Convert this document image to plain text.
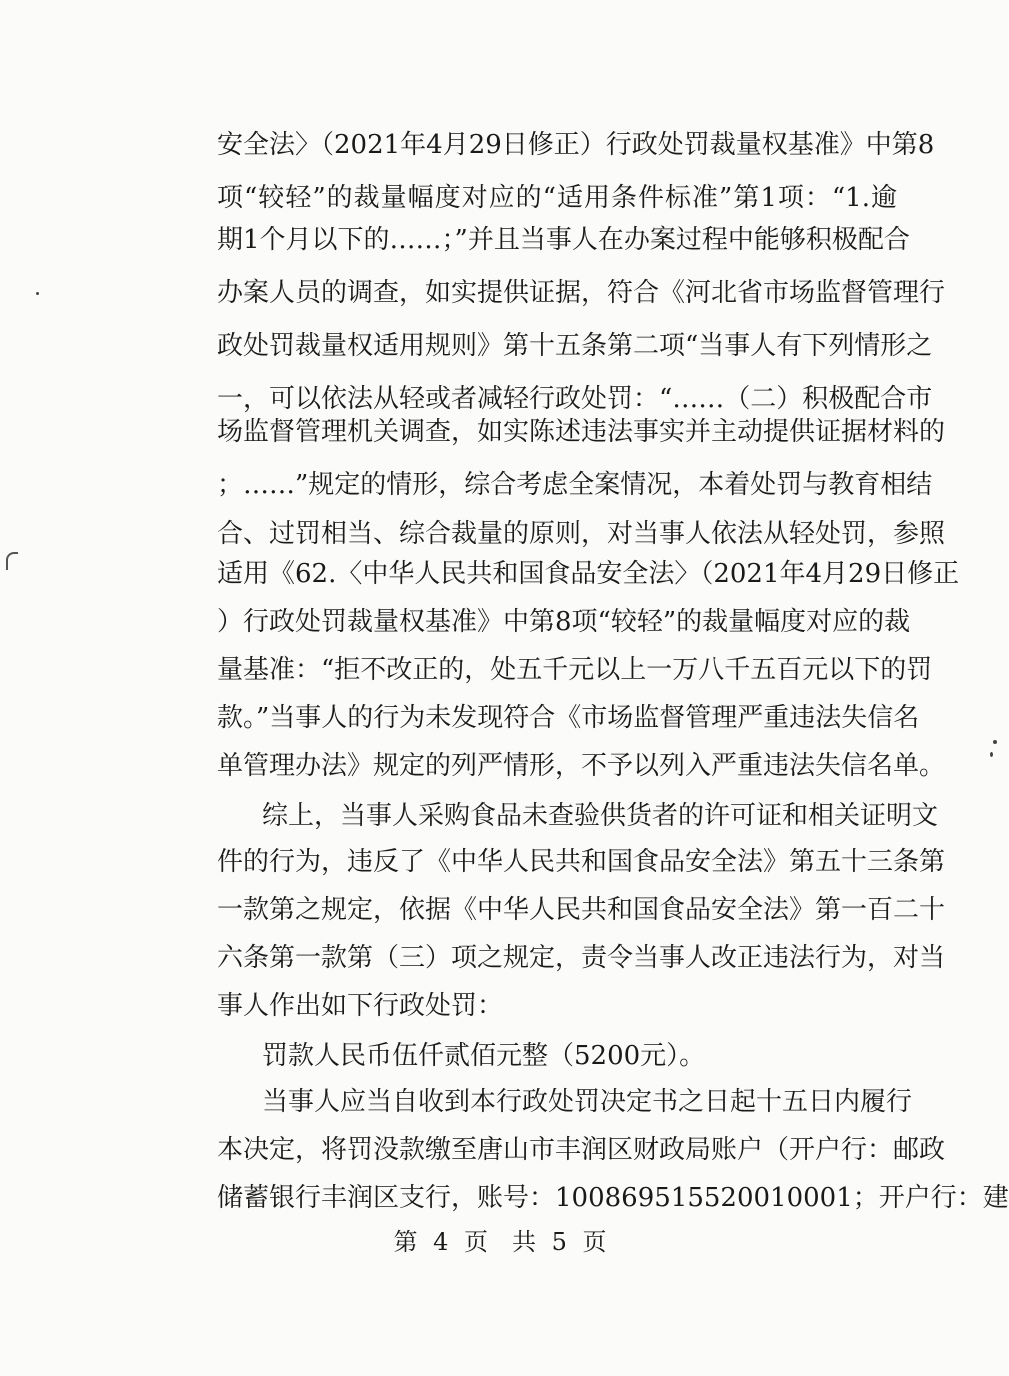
安全法〉（2021年4月29日修正）行政处罚裁量权基准》中第8
项“较轻”的裁量幅度对应的“适用条件标准”第1项：“1.逾
期1个月以下的……；”并且当事人在办案过程中能够积极配合
办案人员的调查，如实提供证据，符合《河北省市场监督管理行
政处罚裁量权适用规则》第十五条第二项“当事人有下列情形之
一，可以依法从轻或者减轻行政处罚：“……（二）积极配合市
场监督管理机关调查，如实陈述违法事实并主动提供证据材料的
；……”规定的情形，综合考虑全案情况，本着处罚与教育相结
合、过罚相当、综合裁量的原则，对当事人依法从轻处罚，参照
适用《62.〈中华人民共和国食品安全法〉（2021年4月29日修正
）行政处罚裁量权基准》中第8项“较轻”的裁量幅度对应的裁
量基准：“拒不改正的，处五千元以上一万八千五百元以下的罚
款。”当事人的行为未发现符合《市场监督管理严重违法失信名
单管理办法》规定的列严情形，不予以列入严重违法失信名单。
综上，当事人采购食品未查验供货者的许可证和相关证明文
件的行为，违反了《中华人民共和国食品安全法》第五十三条第
一款第之规定，依据《中华人民共和国食品安全法》第一百二十
六条第一款第（三）项之规定，责令当事人改正违法行为，对当
事人作出如下行政处罚：
罚款人民币伍仟贰佰元整（5200元）。
当事人应当自收到本行政处罚决定书之日起十五日内履行
本决定，将罚没款缴至唐山市丰润区财政局账户（开户行：邮政
储蓄银行丰润区支行，账号：100869515520010001；开户行：建
第 4 页　共 5 页
